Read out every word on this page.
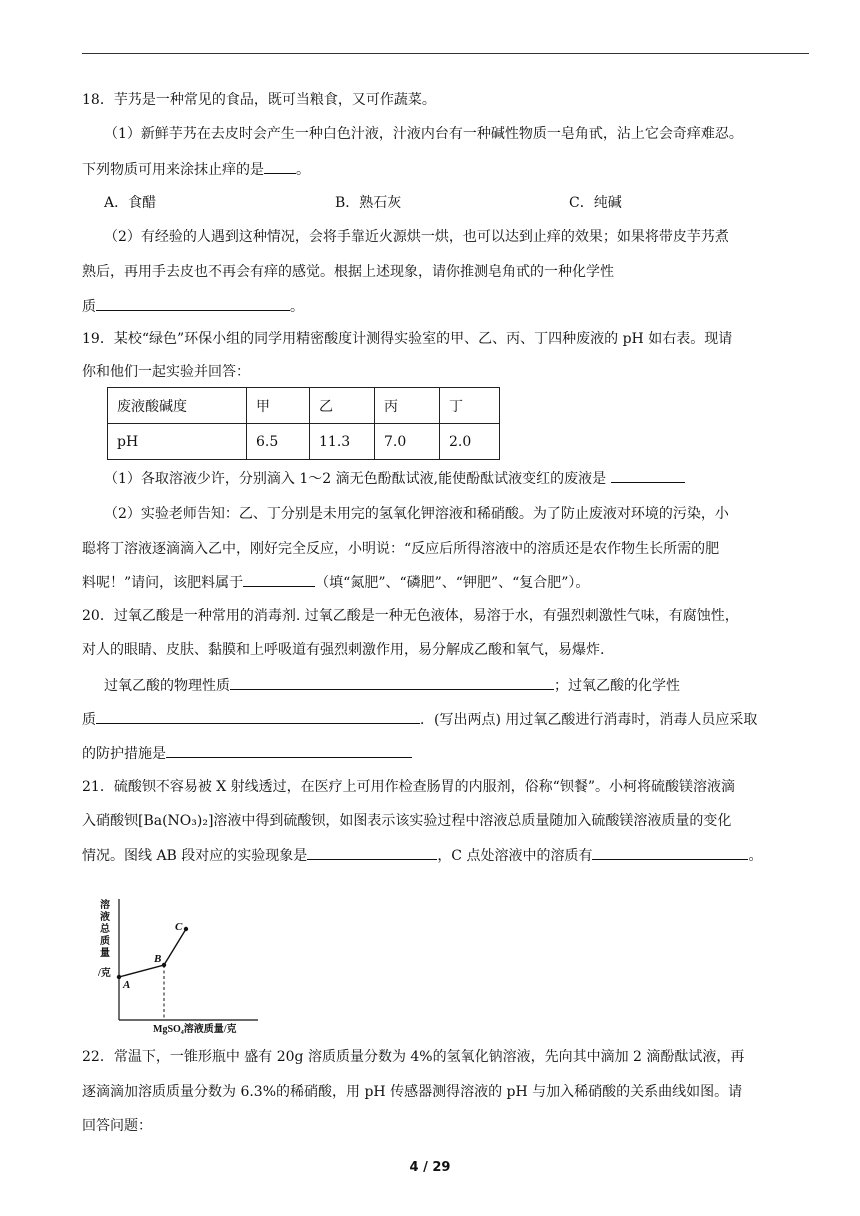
18．芋艿是一种常见的食品，既可当粮食，又可作蔬菜。
（1）新鲜芋艿在去皮时会产生一种白色汁液，汁液内台有一种碱性物质一皂角甙，沾上它会奇痒难忍。
下列物质可用来涂抹止痒的是 。
A．食醋	B．熟石灰	C．纯碱
（2）有经验的人遇到这种情况，会将手靠近火源烘一烘，也可以达到止痒的效果；如果将带皮芋艿煮
熟后，再用手去皮也不再会有痒的感觉。根据上述现象，请你推测皂角甙的一种化学性
质	。
19．某校“绿色”环保小组的同学用精密酸度计测得实验室的甲、乙、丙、丁四种废液的 pH 如右表。现请
你和他们一起实验并回答：
废液酸碱度	甲	乙	丙	丁
pH	6.5	11.3	7.0	2.0
（1）各取溶液少许，分别滴入 1～2 滴无色酚酞试液,能使酚酞试液变红的废液是
（2）实验老师告知：乙、丁分别是未用完的氢氧化钾溶液和稀硝酸。为了防止废液对环境的污染，小
聪将丁溶液逐滴滴入乙中，刚好完全反应，小明说：“反应后所得溶液中的溶质还是农作物生长所需的肥
料呢！”请问，该肥料属于	（填“氮肥”、“磷肥”、“钾肥”、“复合肥”）。
20．过氧乙酸是一种常用的消毒剂. 过氧乙酸是一种无色液体，易溶于水，有强烈刺激性气味，有腐蚀性，
对人的眼睛、皮肤、黏膜和上呼吸道有强烈刺激作用，易分解成乙酸和氧气，易爆炸.
过氧乙酸的物理性质	；过氧乙酸的化学性
质	．(写出两点) 用过氧乙酸进行消毒时，消毒人员应采取
的防护措施是
21．硫酸钡不容易被 X 射线透过，在医疗上可用作检查肠胃的内服剂，俗称“钡餐”。小柯将硫酸镁溶液滴
入硝酸钡[Ba(NO₃)₂]溶液中得到硫酸钡，如图表示该实验过程中溶液总质量随加入硫酸镁溶液质量的变化
情况。图线 AB 段对应的实验现象是	，C 点处溶液中的溶质有	。
溶
液
总
质
量
/克
A
B
C
MgSO₄溶液质量/克
22．常温下，一锥形瓶中 盛有 20g 溶质质量分数为 4%的氢氧化钠溶液，先向其中滴加 2 滴酚酞试液，再
逐滴滴加溶质质量分数为 6.3%的稀硝酸，用 pH 传感器测得溶液的 pH 与加入稀硝酸的关系曲线如图。请
回答问题：
4 / 29
